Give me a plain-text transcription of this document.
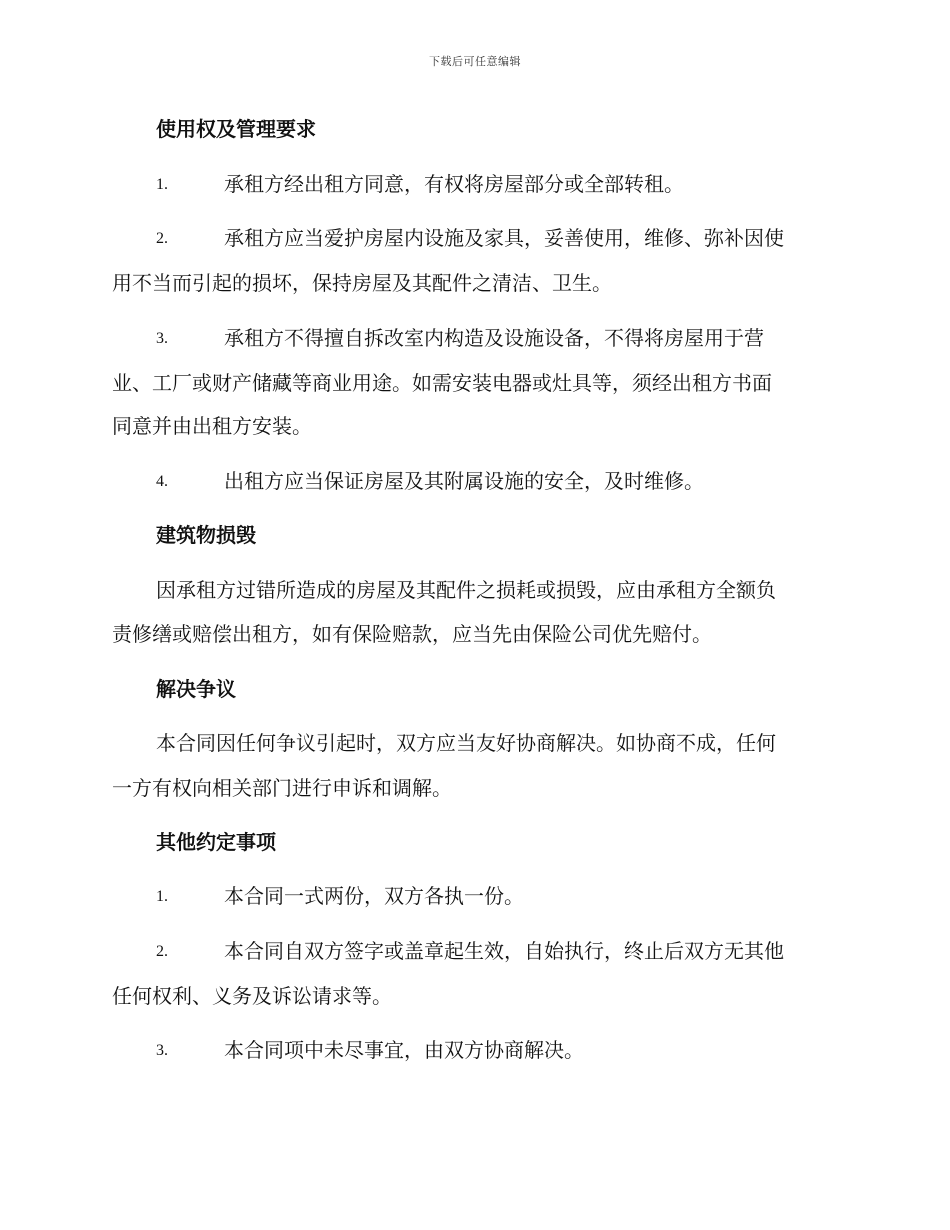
下载后可任意编辑
使用权及管理要求
1.	承租方经出租方同意，有权将房屋部分或全部转租。
2.	承租方应当爱护房屋内设施及家具，妥善使用，维修、弥补因使
用不当而引起的损坏，保持房屋及其配件之清洁、卫生。
3.	承租方不得擅自拆改室内构造及设施设备，不得将房屋用于营
业、工厂或财产储藏等商业用途。如需安装电器或灶具等，须经出租方书面
同意并由出租方安装。
4.	出租方应当保证房屋及其附属设施的安全，及时维修。
建筑物损毁
因承租方过错所造成的房屋及其配件之损耗或损毁，应由承租方全额负
责修缮或赔偿出租方，如有保险赔款，应当先由保险公司优先赔付。
解决争议
本合同因任何争议引起时，双方应当友好协商解决。如协商不成，任何
一方有权向相关部门进行申诉和调解。
其他约定事项
1.	本合同一式两份，双方各执一份。
2.	本合同自双方签字或盖章起生效，自始执行，终止后双方无其他
任何权利、义务及诉讼请求等。
3.	本合同项中未尽事宜，由双方协商解决。
